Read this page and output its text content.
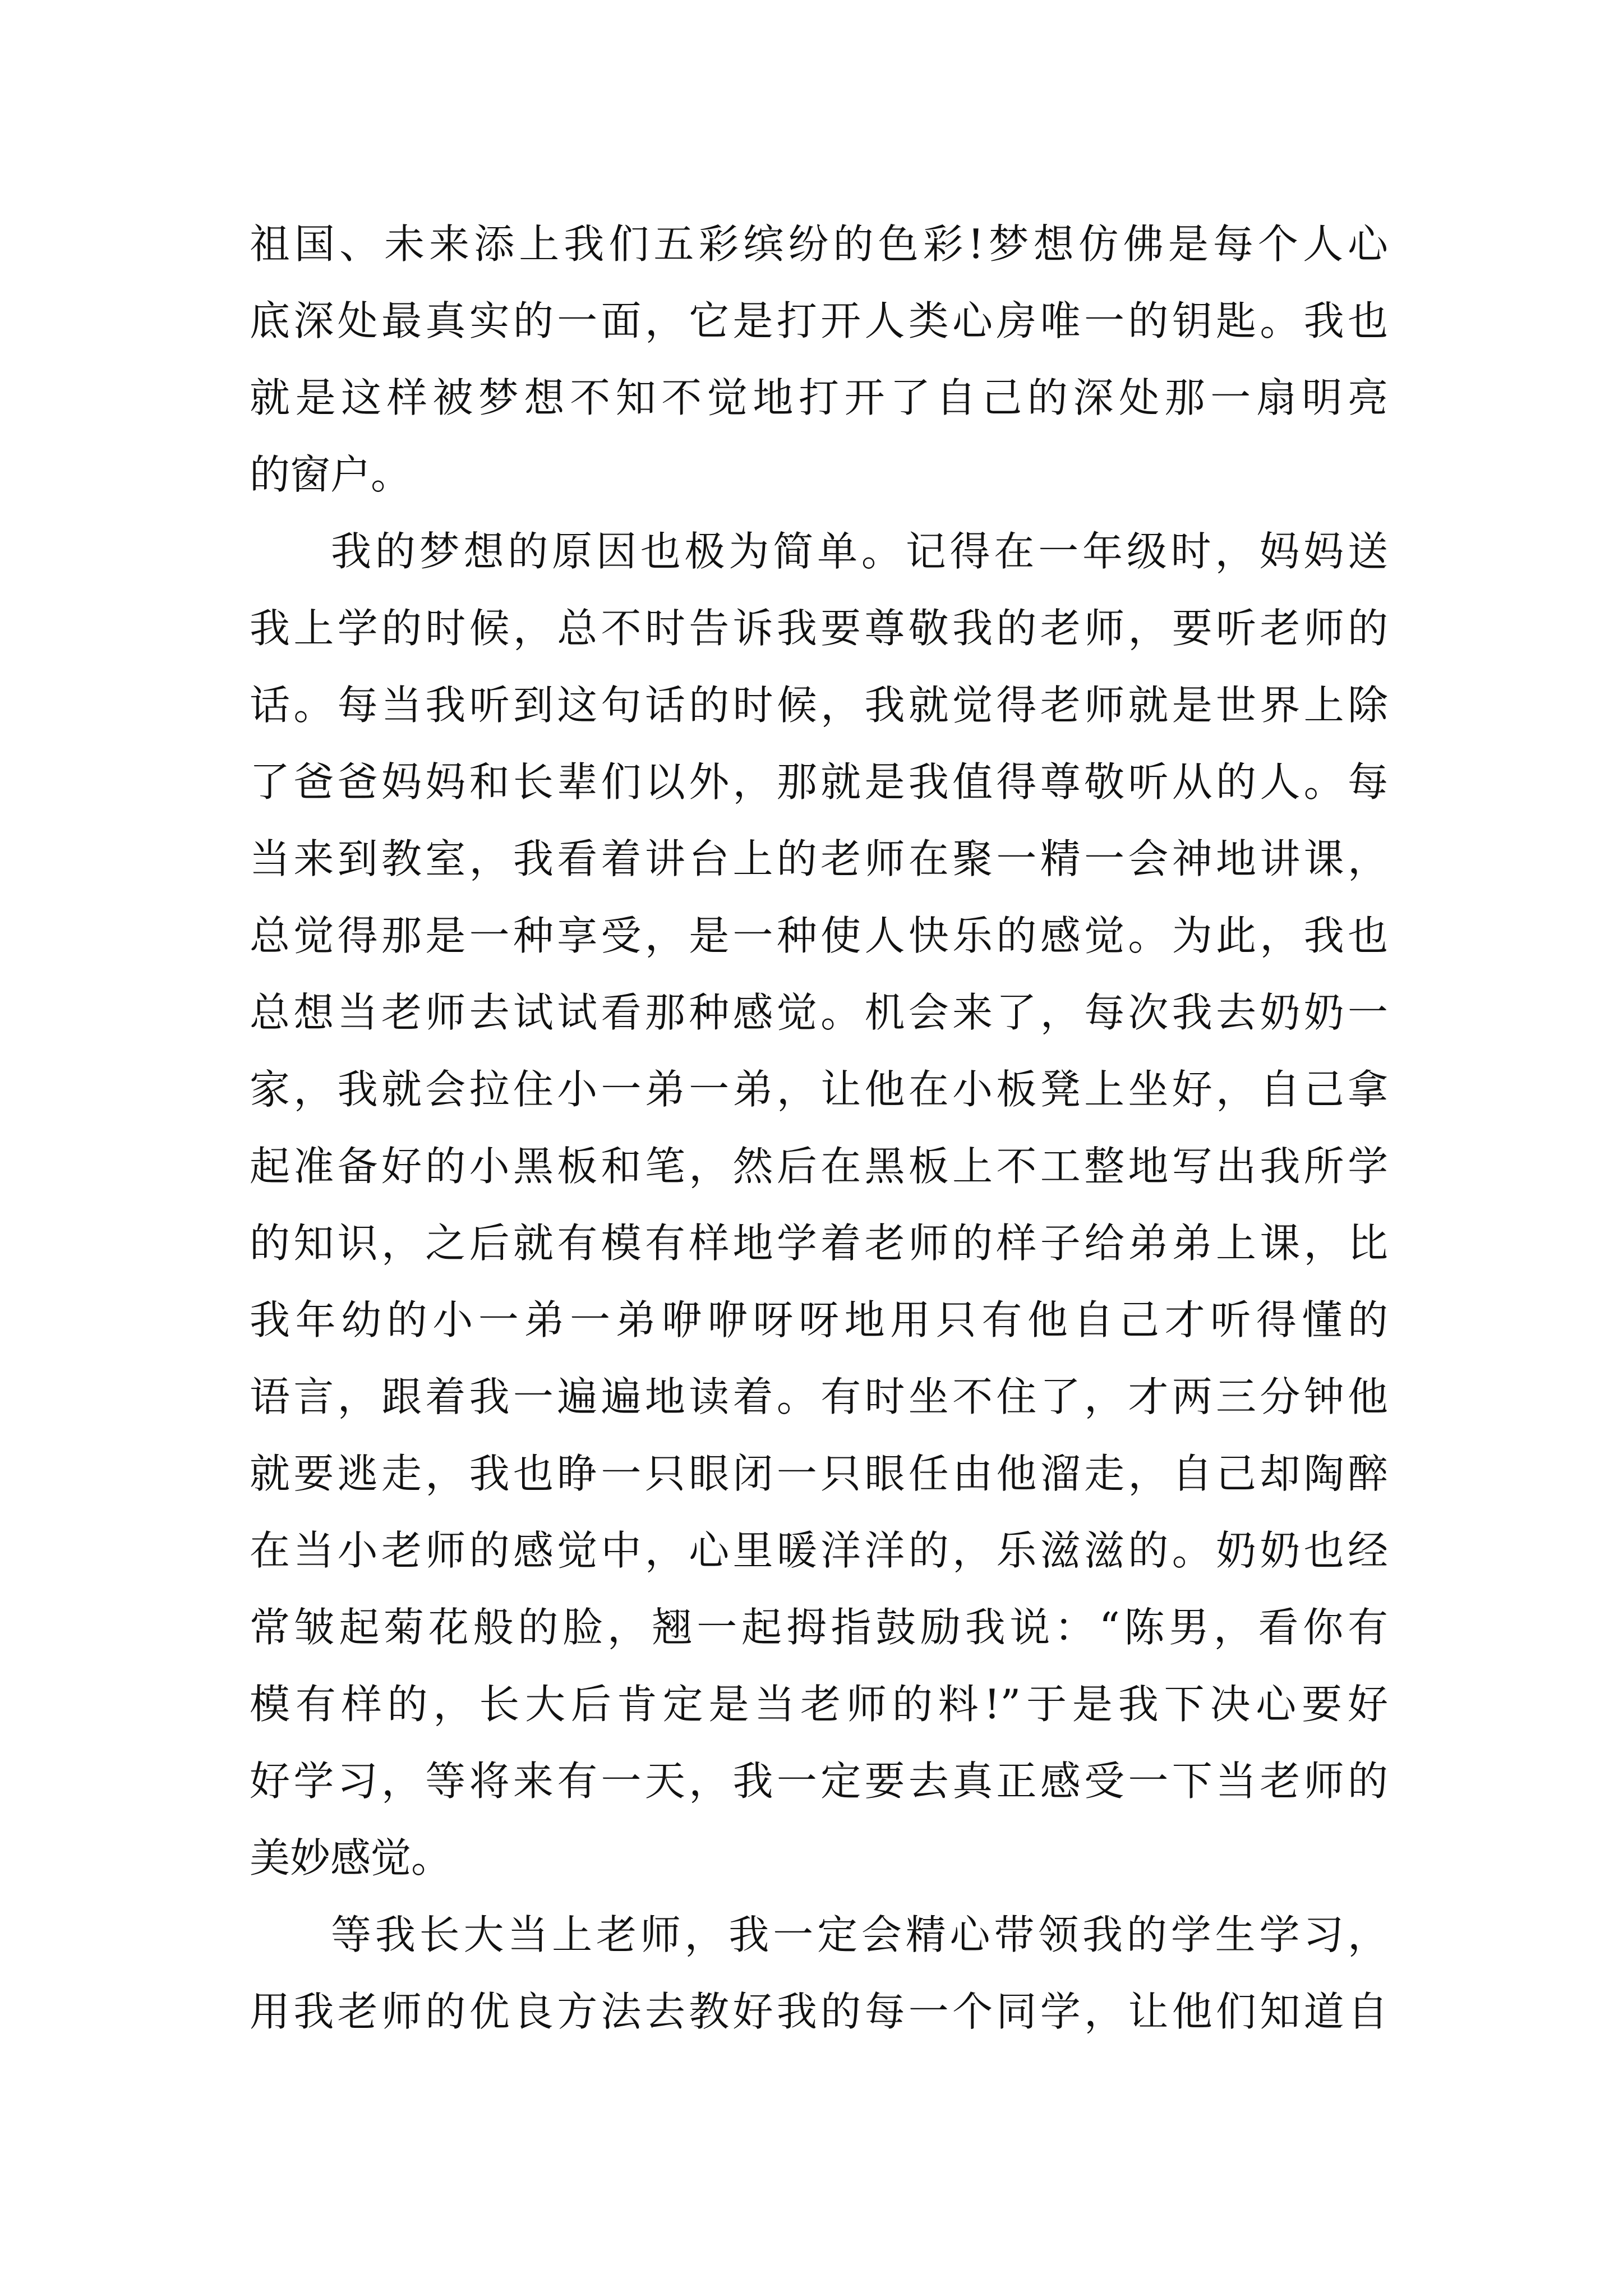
祖国、未来添上我们五彩缤纷的色彩!梦想仿佛是每个人心
底深处最真实的一面，它是打开人类心房唯一的钥匙。我也
就是这样被梦想不知不觉地打开了自己的深处那一扇明亮
的窗户。
我的梦想的原因也极为简单。记得在一年级时，妈妈送
我上学的时候，总不时告诉我要尊敬我的老师，要听老师的
话。每当我听到这句话的时候，我就觉得老师就是世界上除
了爸爸妈妈和长辈们以外，那就是我值得尊敬听从的人。每
当来到教室，我看着讲台上的老师在聚一精一会神地讲课，
总觉得那是一种享受，是一种使人快乐的感觉。为此，我也
总想当老师去试试看那种感觉。机会来了，每次我去奶奶一
家，我就会拉住小一弟一弟，让他在小板凳上坐好，自己拿
起准备好的小黑板和笔，然后在黑板上不工整地写出我所学
的知识，之后就有模有样地学着老师的样子给弟弟上课，比
我年幼的小一弟一弟咿咿呀呀地用只有他自己才听得懂的
语言，跟着我一遍遍地读着。有时坐不住了，才两三分钟他
就要逃走，我也睁一只眼闭一只眼任由他溜走，自己却陶醉
在当小老师的感觉中，心里暖洋洋的，乐滋滋的。奶奶也经
常皱起菊花般的脸，翘一起拇指鼓励我说：“陈男，看你有
模有样的，长大后肯定是当老师的料!”于是我下决心要好
好学习，等将来有一天，我一定要去真正感受一下当老师的
美妙感觉。
等我长大当上老师，我一定会精心带领我的学生学习，
用我老师的优良方法去教好我的每一个同学，让他们知道自
